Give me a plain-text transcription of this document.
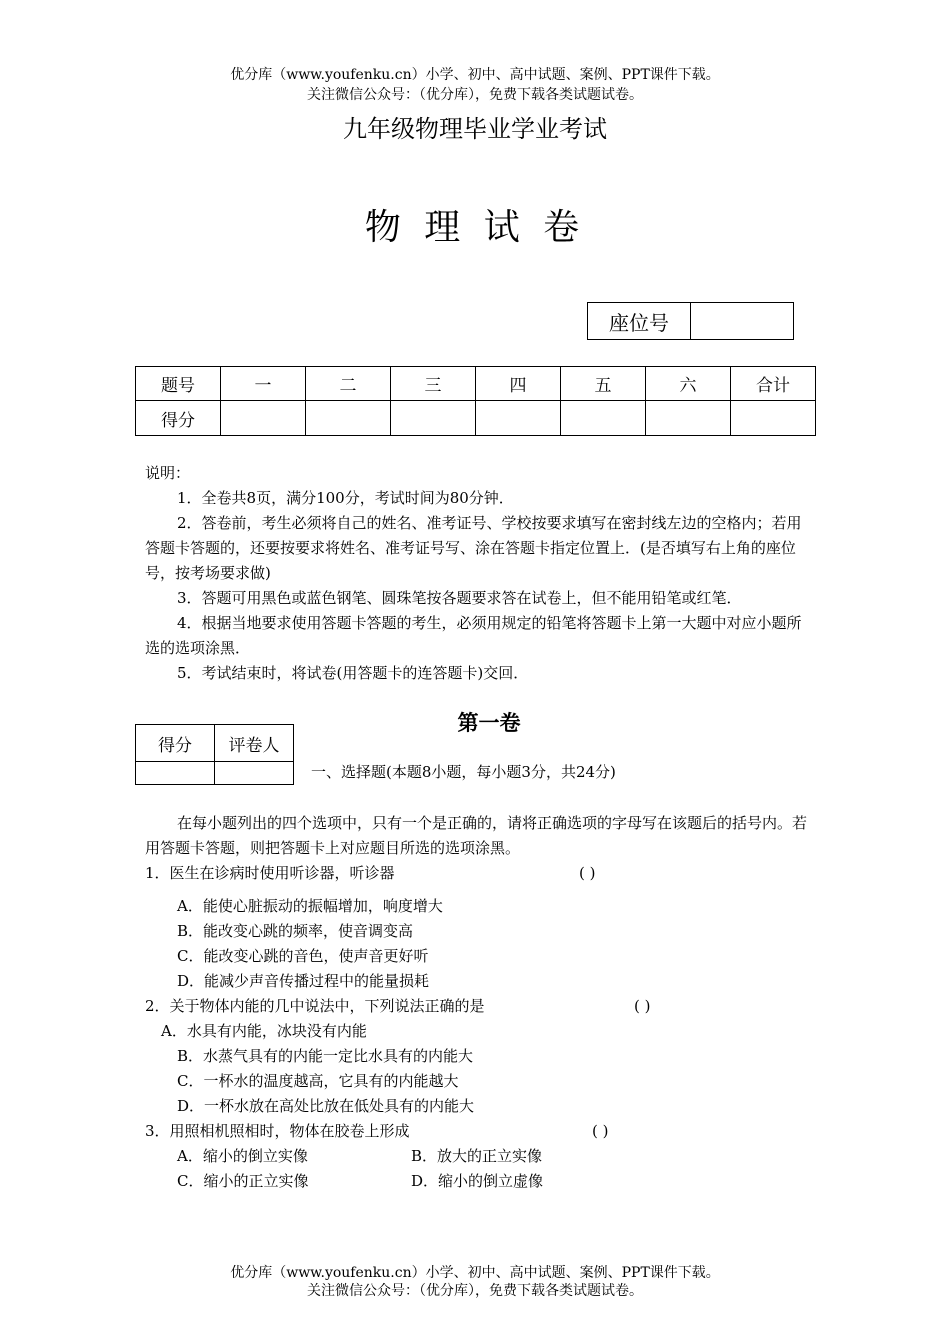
优分库（www.youfenku.cn）小学、初中、高中试题、案例、PPT课件下载。
关注微信公众号：（优分库），免费下载各类试题试卷。
九年级物理毕业学业考试
物 理 试 卷
座位号	
题号	一	二	三	四	五	六	合计
得分							
说明：
1．全卷共8页，满分100分，考试时间为80分钟．
2．答卷前，考生必须将自己的姓名、准考证号、学校按要求填写在密封线左边的空格内；若用答题卡答题的，还要按要求将姓名、准考证号写、涂在答题卡指定位置上．(是否填写右上角的座位号，按考场要求做)
3．答题可用黑色或蓝色钢笔、圆珠笔按各题要求答在试卷上，但不能用铅笔或红笔．
4．根据当地要求使用答题卡答题的考生，必须用规定的铅笔将答题卡上第一大题中对应小题所选的选项涂黑．
5．考试结束时，将试卷(用答题卡的连答题卡)交回．
得分	评卷人

第一卷
一、选择题(本题8小题，每小题3分，共24分)
在每小题列出的四个选项中，只有一个是正确的，请将正确选项的字母写在该题后的括号内。若用答题卡答题，则把答题卡上对应题目所选的选项涂黑。
1．医生在诊病时使用听诊器，听诊器	( )
A．能使心脏振动的振幅增加，响度增大
B．能改变心跳的频率，使音调变高
C．能改变心跳的音色，使声音更好听
D．能减少声音传播过程中的能量损耗
2．关于物体内能的几中说法中，下列说法正确的是	( )
A．水具有内能，冰块没有内能
B．水蒸气具有的内能一定比水具有的内能大
C．一杯水的温度越高，它具有的内能越大
D．一杯水放在高处比放在低处具有的内能大
3．用照相机照相时，物体在胶卷上形成	( )
A．缩小的倒立实像	B．放大的正立实像
C．缩小的正立实像	D．缩小的倒立虚像
优分库（www.youfenku.cn）小学、初中、高中试题、案例、PPT课件下载。
关注微信公众号：（优分库），免费下载各类试题试卷。
